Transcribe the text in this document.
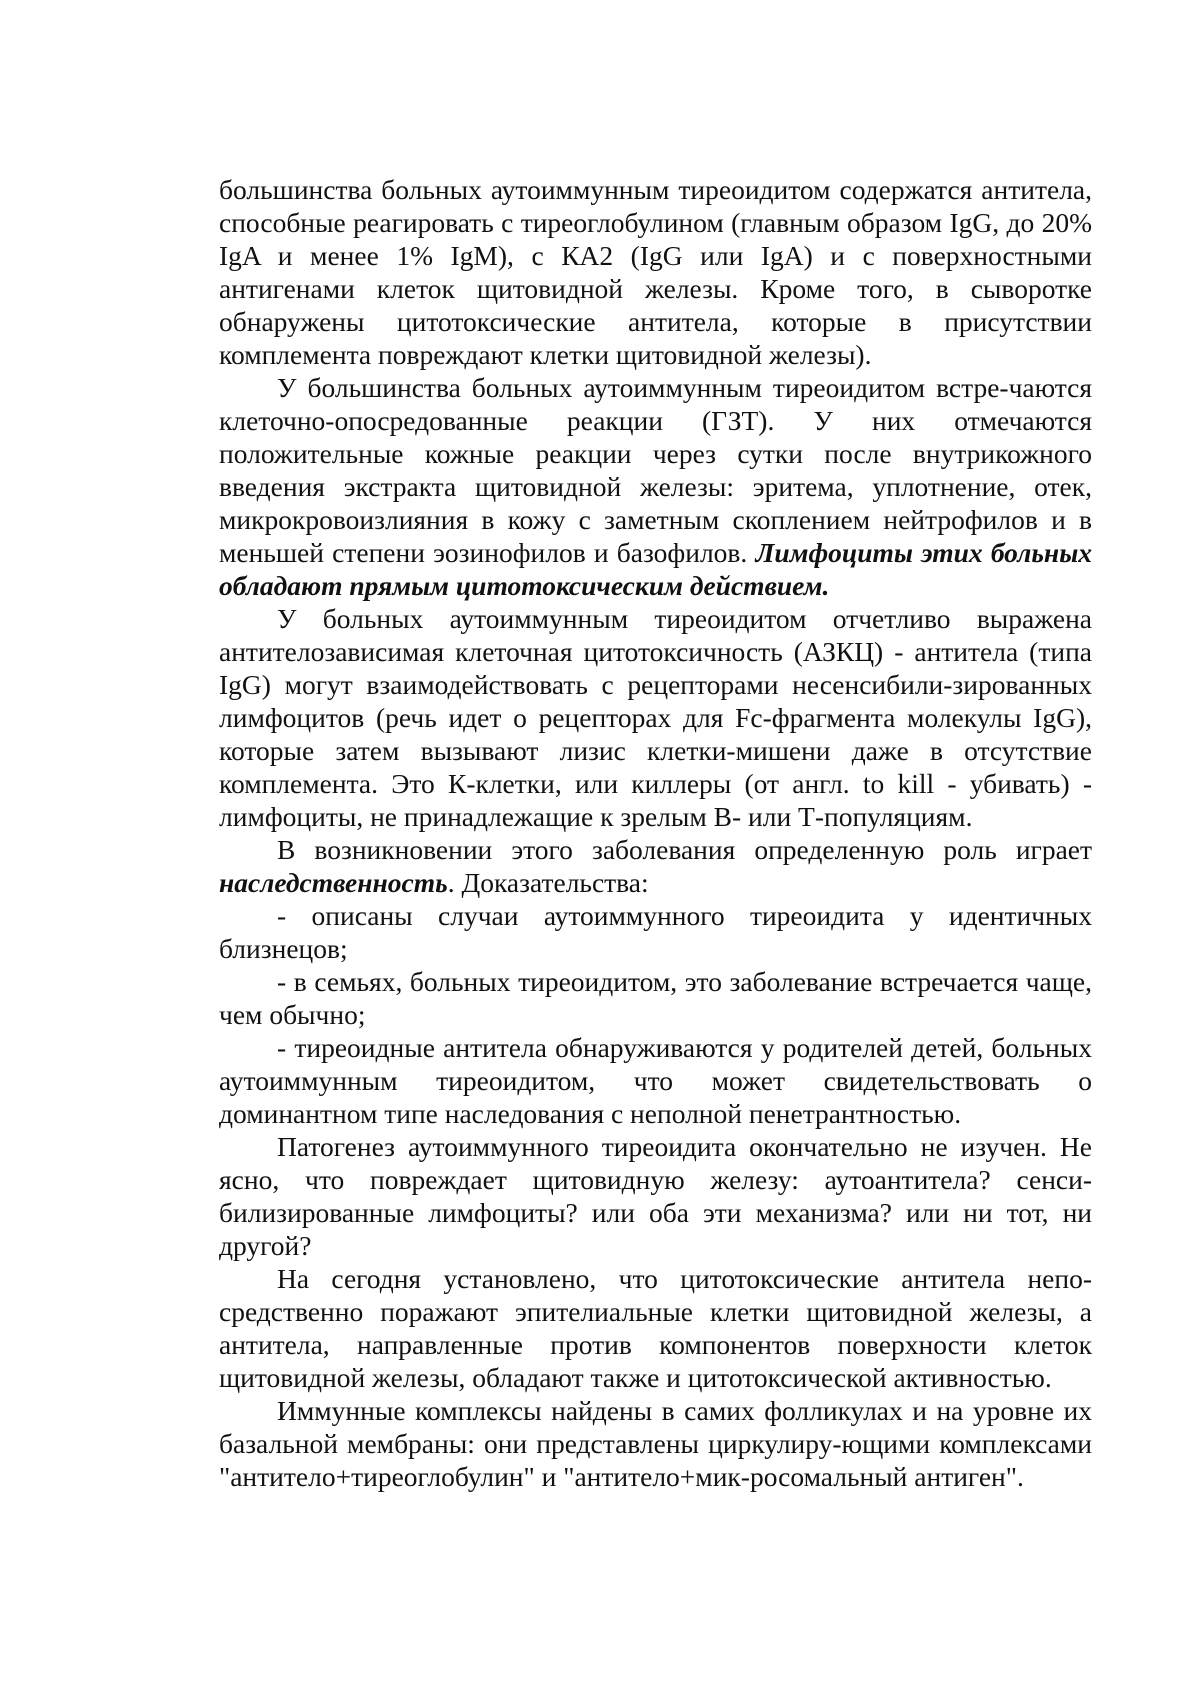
большинства больных аутоиммунным тиреоидитом содержатся антитела, способные реагировать с тиреоглобулином (главным образом IgG, до 20% IgA и менее 1% IgM), с КА2 (IgG или IgA) и с поверхностными антигенами клеток щитовидной железы. Кроме того, в сыворотке обнаружены цитотоксические антитела, которые в присутствии комплемента повреждают клетки щитовидной железы).

У большинства больных аутоиммунным тиреоидитом встре-чаются клеточно-опосредованные реакции (ГЗТ). У них отмечаются положительные кожные реакции через сутки после внутрикожного введения экстракта щитовидной железы: эритема, уплотнение, отек, микрокровоизлияния в кожу с заметным скоплением нейтрофилов и в меньшей степени эозинофилов и базофилов. Лимфоциты этих больных обладают прямым цитотоксическим действием.

У больных аутоиммунным тиреоидитом отчетливо выражена антителозависимая клеточная цитотоксичность (АЗКЦ) - антитела (типа IgG) могут взаимодействовать с рецепторами несенсибили-зированных лимфоцитов (речь идет о рецепторах для Fc-фрагмента молекулы IgG), которые затем вызывают лизис клетки-мишени даже в отсутствие комплемента. Это К-клетки, или киллеры (от англ. to kill - убивать) - лимфоциты, не принадлежащие к зрелым В- или Т-популяциям.

В возникновении этого заболевания определенную роль играет наследственность. Доказательства:

- описаны случаи аутоиммунного тиреоидита у идентичных близнецов;

- в семьях, больных тиреоидитом, это заболевание встречается чаще, чем обычно;

- тиреоидные антитела обнаруживаются у родителей детей, больных аутоиммунным тиреоидитом, что может свидетельствовать о доминантном типе наследования с неполной пенетрантностью.

Патогенез аутоиммунного тиреоидита окончательно не изучен. Не ясно, что повреждает щитовидную железу: аутоантитела? сенси-билизированные лимфоциты? или оба эти механизма? или ни тот, ни другой?

На сегодня установлено, что цитотоксические антитела непо-средственно поражают эпителиальные клетки щитовидной железы, а антитела, направленные против компонентов поверхности клеток щитовидной железы, обладают также и цитотоксической активностью.

Иммунные комплексы найдены в самих фолликулах и на уровне их базальной мембраны: они представлены циркулиру-ющими комплексами "антитело+тиреоглобулин" и "антитело+мик-росомальный антиген".
